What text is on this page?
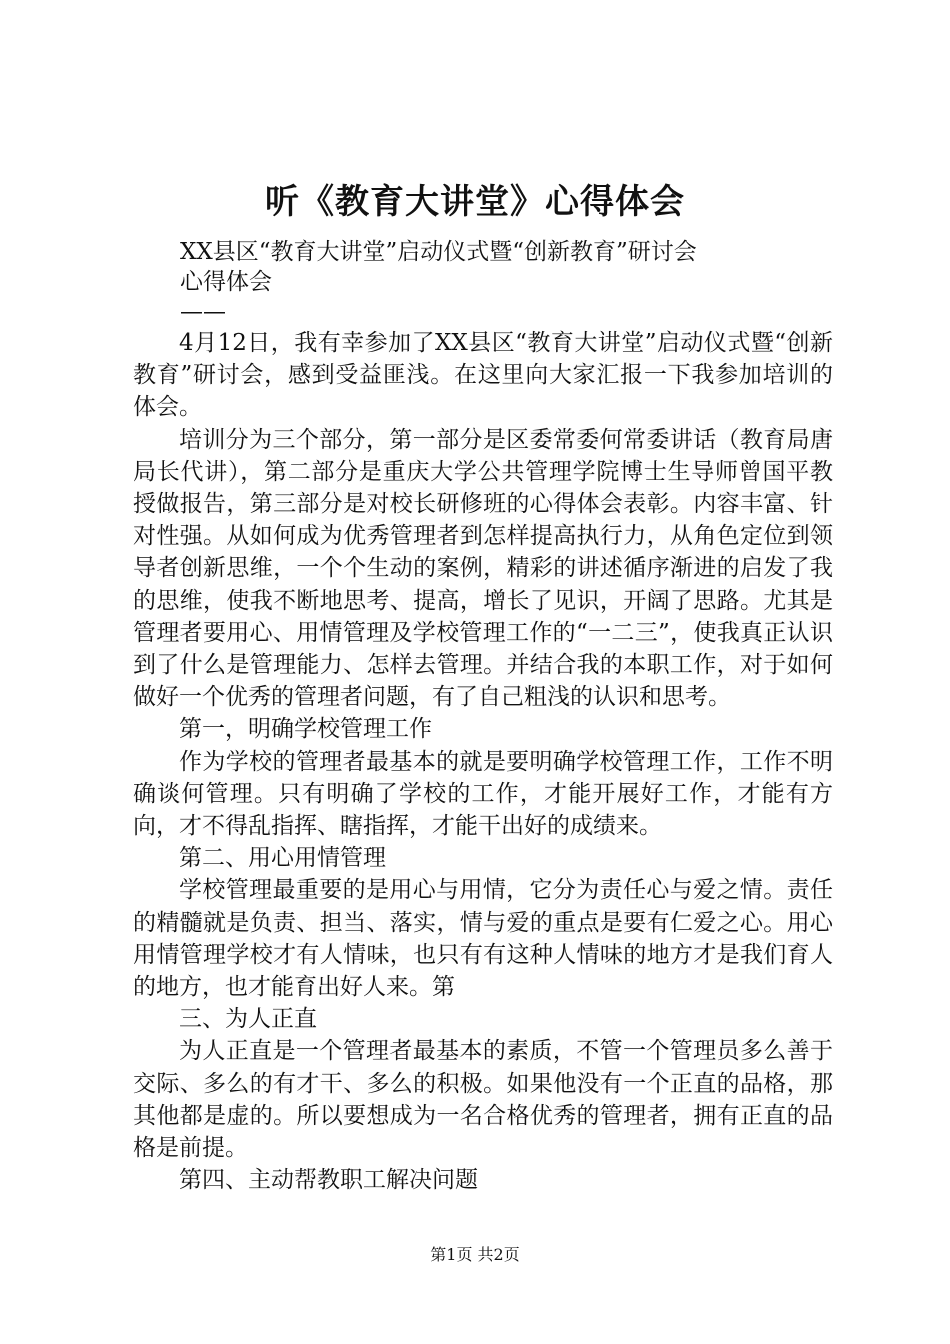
听《教育大讲堂》心得体会
XX县区“教育大讲堂”启动仪式暨“创新教育”研讨会
心得体会
——

4月12日，我有幸参加了XX县区“教育大讲堂”启动仪式暨“创新教育”研讨会，感到受益匪浅。在这里向大家汇报一下我参加培训的体会。

培训分为三个部分，第一部分是区委常委何常委讲话（教育局唐局长代讲），第二部分是重庆大学公共管理学院博士生导师曾国平教授做报告，第三部分是对校长研修班的心得体会表彰。内容丰富、针对性强。从如何成为优秀管理者到怎样提高执行力，从角色定位到领导者创新思维，一个个生动的案例，精彩的讲述循序渐进的启发了我的思维，使我不断地思考、提高，增长了见识，开阔了思路。尤其是管理者要用心、用情管理及学校管理工作的“一二三”，使我真正认识到了什么是管理能力、怎样去管理。并结合我的本职工作，对于如何做好一个优秀的管理者问题，有了自己粗浅的认识和思考。

第一，明确学校管理工作

作为学校的管理者最基本的就是要明确学校管理工作，工作不明确谈何管理。只有明确了学校的工作，才能开展好工作，才能有方向，才不得乱指挥、瞎指挥，才能干出好的成绩来。

第二、用心用情管理

学校管理最重要的是用心与用情，它分为责任心与爱之情。责任的精髓就是负责、担当、落实，情与爱的重点是要有仁爱之心。用心用情管理学校才有人情味，也只有有这种人情味的地方才是我们育人的地方，也才能育出好人来。第

三、为人正直

为人正直是一个管理者最基本的素质，不管一个管理员多么善于交际、多么的有才干、多么的积极。如果他没有一个正直的品格，那其他都是虚的。所以要想成为一名合格优秀的管理者，拥有正直的品格是前提。

第四、主动帮教职工解决问题

第1页 共2页
